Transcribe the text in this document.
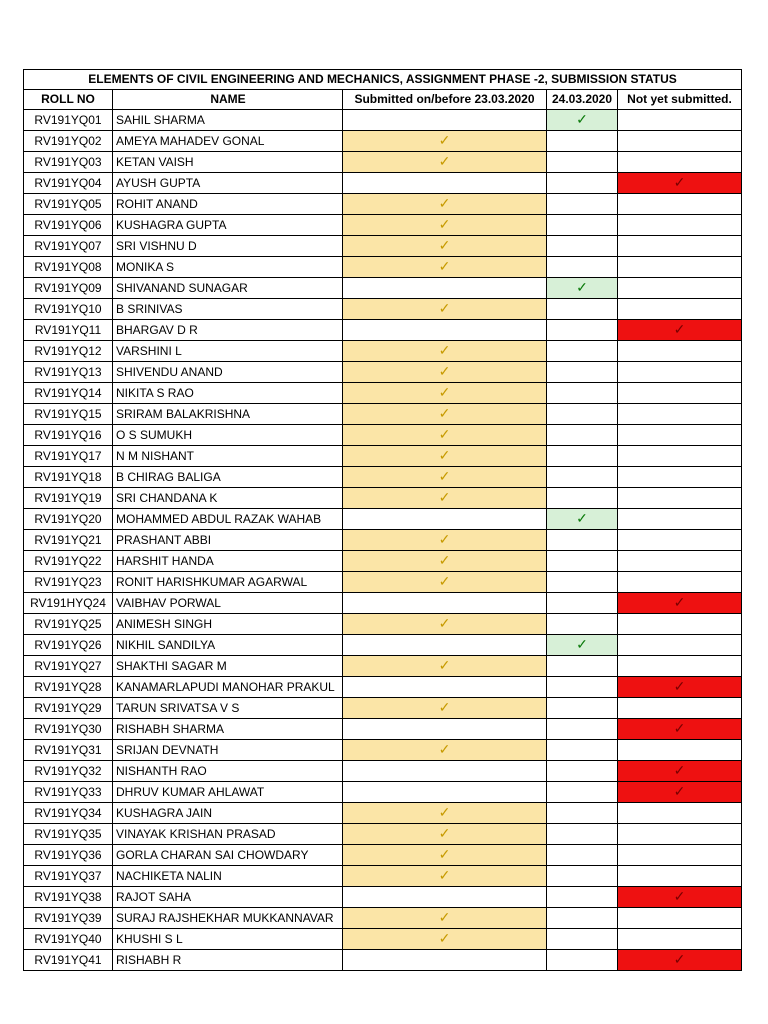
ELEMENTS OF CIVIL ENGINEERING AND MECHANICS, ASSIGNMENT PHASE -2, SUBMISSION STATUS				
ROLL NO	NAME	Submitted on/before 23.03.2020	24.03.2020	Not yet submitted.
RV191YQ01	SAHIL SHARMA		✓	
RV191YQ02	AMEYA MAHADEV GONAL	✓		
RV191YQ03	KETAN VAISH	✓		
RV191YQ04	AYUSH GUPTA			✓
RV191YQ05	ROHIT ANAND	✓		
RV191YQ06	KUSHAGRA GUPTA	✓		
RV191YQ07	SRI VISHNU D	✓		
RV191YQ08	MONIKA S	✓		
RV191YQ09	SHIVANAND SUNAGAR		✓	
RV191YQ10	B SRINIVAS	✓		
RV191YQ11	BHARGAV D R			✓
RV191YQ12	VARSHINI L	✓		
RV191YQ13	SHIVENDU ANAND	✓		
RV191YQ14	NIKITA S RAO	✓		
RV191YQ15	SRIRAM BALAKRISHNA	✓		
RV191YQ16	O S SUMUKH	✓		
RV191YQ17	N M NISHANT	✓		
RV191YQ18	B CHIRAG BALIGA	✓		
RV191YQ19	SRI CHANDANA K	✓		
RV191YQ20	MOHAMMED ABDUL RAZAK WAHAB		✓	
RV191YQ21	PRASHANT ABBI	✓		
RV191YQ22	HARSHIT HANDA	✓		
RV191YQ23	RONIT HARISHKUMAR AGARWAL	✓		
RV191HYQ24	VAIBHAV PORWAL			✓
RV191YQ25	ANIMESH SINGH	✓		
RV191YQ26	NIKHIL SANDILYA		✓	
RV191YQ27	SHAKTHI SAGAR M	✓		
RV191YQ28	KANAMARLAPUDI MANOHAR PRAKUL			✓
RV191YQ29	TARUN SRIVATSA V S	✓		
RV191YQ30	RISHABH SHARMA			✓
RV191YQ31	SRIJAN DEVNATH	✓		
RV191YQ32	NISHANTH RAO			✓
RV191YQ33	DHRUV KUMAR AHLAWAT			✓
RV191YQ34	KUSHAGRA JAIN	✓		
RV191YQ35	VINAYAK KRISHAN PRASAD	✓		
RV191YQ36	GORLA CHARAN SAI CHOWDARY	✓		
RV191YQ37	NACHIKETA NALIN	✓		
RV191YQ38	RAJOT SAHA			✓
RV191YQ39	SURAJ RAJSHEKHAR MUKKANNAVAR	✓		
RV191YQ40	KHUSHI S L	✓		
RV191YQ41	RISHABH R			✓
